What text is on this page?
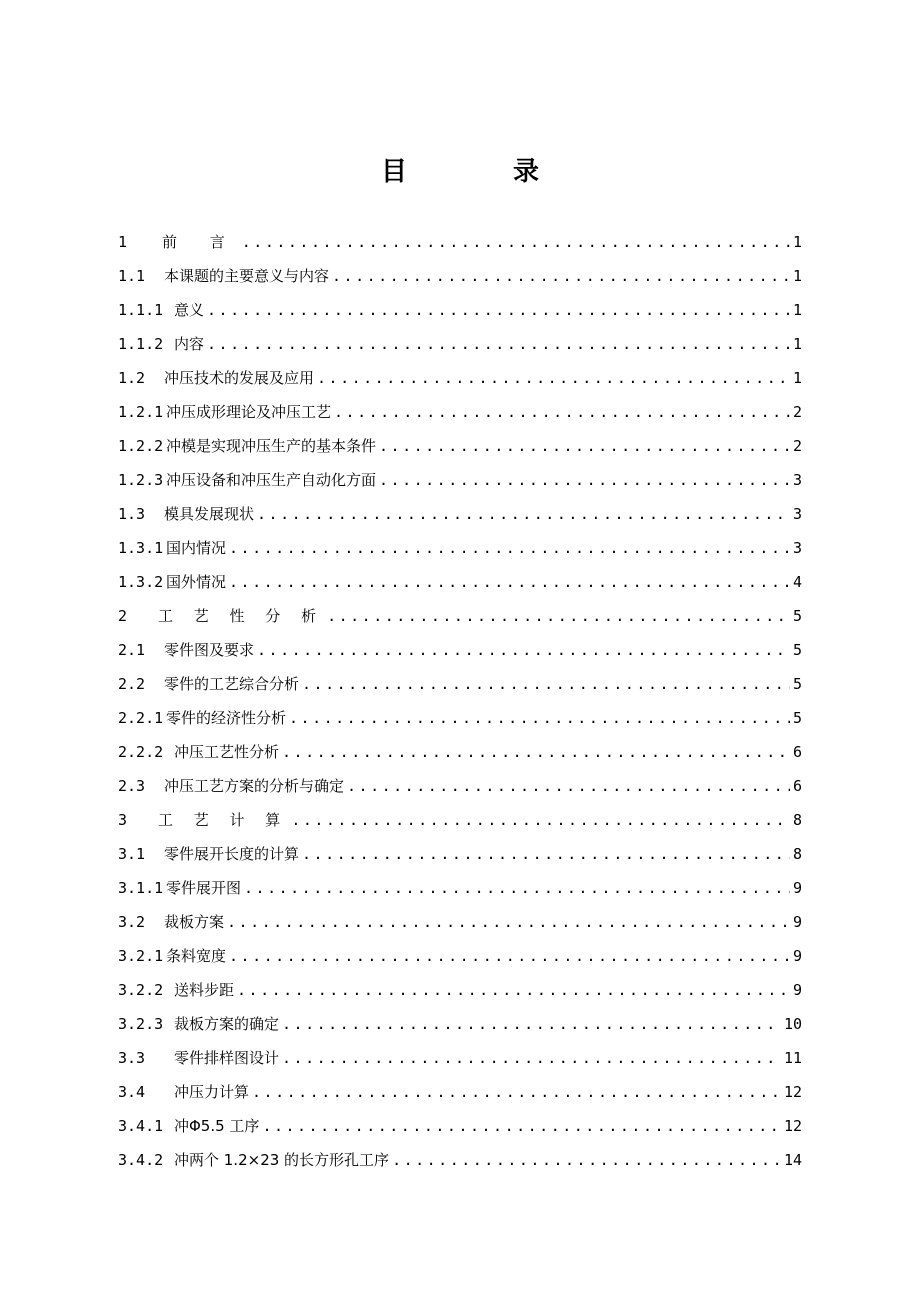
目　录
1	前 言 .....	1
1.1	本课题的主要意义与内容 .....	1
1.1.1 意义 .....	1
1.1.2 内容 .....	1
1.2	冲压技术的发展及应用 .....	1
1.2.1 冲压成形理论及冲压工艺 .....	2
1.2.2 冲模是实现冲压生产的基本条件 .....	2
1.2.3 冲压设备和冲压生产自动化方面 .....	3
1.3	模具发展现状 .....	3
1.3.1 国内情况 .....	3
1.3.2 国外情况 .....	4
2	工 艺 性 分 析 .....	5
2.1	零件图及要求 .....	5
2.2	零件的工艺综合分析 .....	5
2.2.1 零件的经济性分析 .....	5
2.2.2 冲压工艺性分析 .....	6
2.3	冲压工艺方案的分析与确定 .....	6
3	工 艺 计 算 .....	8
3.1	零件展开长度的计算 .....	8
3.1.1 零件展开图 .....	9
3.2	裁板方案 .....	9
3.2.1 条料宽度 .....	9
3.2.2 送料步距 .....	9
3.2.3 裁板方案的确定 .....	10
3.3	零件排样图设计 .....	11
3.4	冲压力计算 .....	12
3.4.1 冲Φ5.5 工序 .....	12
3.4.2 冲两个 1.2×23 的长方形孔工序 .....	14
